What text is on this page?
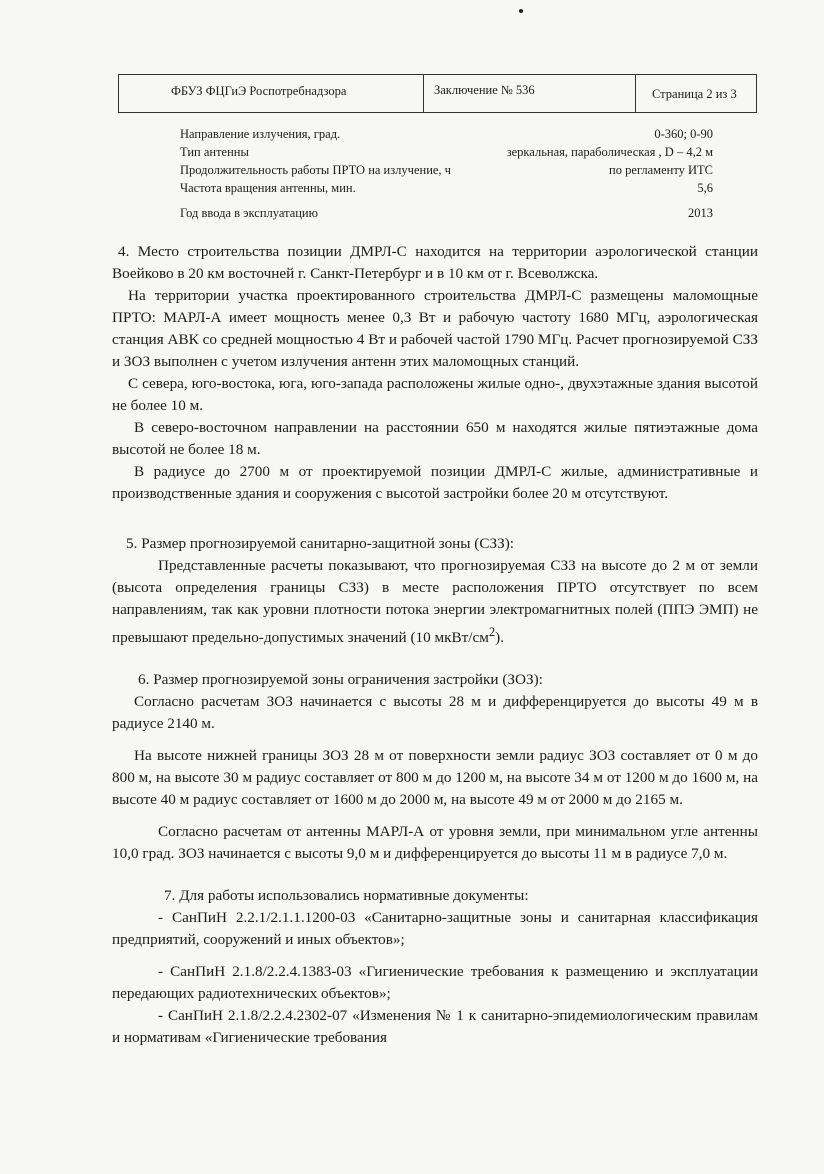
ФБУЗ ФЦГиЭ Роспотребнадзора	Заключение № 536	Страница 2 из 3
Направление излучения, град.	0-360; 0-90
Тип антенны	зеркальная, параболическая , D – 4,2 м
Продолжительность работы ПРТО на излучение, ч	по регламенту ИТС
Частота вращения антенны, мин.	5,6
Год ввода в эксплуатацию	2013

4. Место строительства позиции ДМРЛ-С находится на территории аэрологической станции Воейково в 20 км восточней г. Санкт-Петербург и в 10 км от г. Всеволжска.

На территории участка проектированного строительства ДМРЛ-С размещены маломощные ПРТО: МАРЛ-А имеет мощность менее 0,3 Вт и рабочую частоту 1680 МГц, аэрологическая станция АВК со средней мощностью 4 Вт и рабочей частой 1790 МГц. Расчет прогнозируемой СЗЗ и ЗОЗ выполнен с учетом излучения антенн этих маломощных станций.

С севера, юго-востока, юга, юго-запада расположены жилые одно-, двухэтажные здания высотой не более 10 м.

В северо-восточном направлении на расстоянии 650 м находятся жилые пятиэтажные дома высотой не более 18 м.

В радиусе до 2700 м от проектируемой позиции ДМРЛ-С жилые, административные и производственные здания и сооружения с высотой застройки более 20 м отсутствуют.

5. Размер прогнозируемой санитарно-защитной зоны (СЗЗ):

Представленные расчеты показывают, что прогнозируемая СЗЗ на высоте до 2 м от земли (высота определения границы СЗЗ) в месте расположения ПРТО отсутствует по всем направлениям, так как уровни плотности потока энергии электромагнитных полей (ППЭ ЭМП) не превышают предельно-допустимых значений (10 мкВт/$см^2$).

6. Размер прогнозируемой зоны ограничения застройки (ЗОЗ):

Согласно расчетам ЗОЗ начинается с высоты 28 м и дифференцируется до высоты 49 м в радиусе 2140 м.

На высоте нижней границы ЗОЗ 28 м от поверхности земли радиус ЗОЗ составляет от 0 м до 800 м, на высоте 30 м радиус составляет от 800 м до 1200 м, на высоте 34 м от 1200 м до 1600 м, на высоте 40 м радиус составляет от 1600 м до 2000 м, на высоте 49 м от 2000 м до 2165 м.

Согласно расчетам от антенны МАРЛ-А от уровня земли, при минимальном угле антенны 10,0 град. ЗОЗ начинается с высоты 9,0 м и дифференцируется до высоты 11 м в радиусе 7,0 м.

7. Для работы использовались нормативные документы:

- СанПиН 2.2.1/2.1.1.1200-03 «Санитарно-защитные зоны и санитарная классификация предприятий, сооружений и иных объектов»;

- СанПиН 2.1.8/2.2.4.1383-03 «Гигиенические требования к размещению и эксплуатации передающих радиотехнических объектов»;

- СанПиН 2.1.8/2.2.4.2302-07 «Изменения № 1 к санитарно-эпидемиологическим правилам и нормативам «Гигиенические требования
